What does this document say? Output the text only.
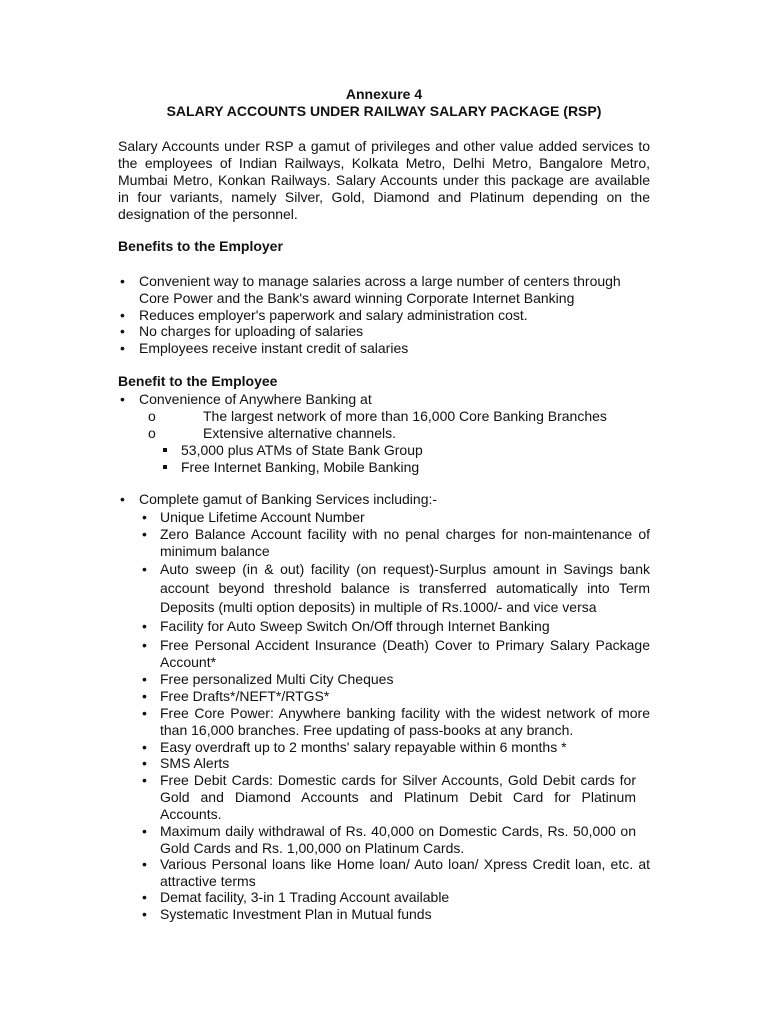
Annexure 4
SALARY ACCOUNTS UNDER RAILWAY SALARY PACKAGE (RSP)
Salary Accounts under RSP a gamut of privileges and other value added services to
the employees of Indian Railways, Kolkata Metro, Delhi Metro, Bangalore Metro,
Mumbai Metro, Konkan Railways. Salary Accounts under this package are available
in four variants, namely Silver, Gold, Diamond and Platinum depending on the
designation of the personnel.
Benefits to the Employer
• Convenient way to manage salaries across a large number of centers through
Core Power and the Bank's award winning Corporate Internet Banking
• Reduces employer's paperwork and salary administration cost.
• No charges for uploading of salaries
• Employees receive instant credit of salaries
Benefit to the Employee
• Convenience of Anywhere Banking at
o	The largest network of more than 16,000 Core Banking Branches
o	Extensive alternative channels.
53,000 plus ATMs of State Bank Group
Free Internet Banking, Mobile Banking
• Complete gamut of Banking Services including:-
• Unique Lifetime Account Number
• Zero Balance Account facility with no penal charges for non-maintenance of
minimum balance
• Auto sweep (in & out) facility (on request)-Surplus amount in Savings bank
account beyond threshold balance is transferred automatically into Term
Deposits (multi option deposits) in multiple of Rs.1000/- and vice versa
• Facility for Auto Sweep Switch On/Off through Internet Banking
• Free Personal Accident Insurance (Death) Cover to Primary Salary Package
Account*
• Free personalized Multi City Cheques
• Free Drafts*/NEFT*/RTGS*
• Free Core Power: Anywhere banking facility with the widest network of more
than 16,000 branches. Free updating of pass-books at any branch.
• Easy overdraft up to 2 months' salary repayable within 6 months *
• SMS Alerts
• Free Debit Cards: Domestic cards for Silver Accounts, Gold Debit cards for
Gold and Diamond Accounts and Platinum Debit Card for Platinum
Accounts.
• Maximum daily withdrawal of Rs. 40,000 on Domestic Cards, Rs. 50,000 on
Gold Cards and Rs. 1,00,000 on Platinum Cards.
• Various Personal loans like Home loan/ Auto loan/ Xpress Credit loan, etc. at
attractive terms
• Demat facility, 3-in 1 Trading Account available
• Systematic Investment Plan in Mutual funds
